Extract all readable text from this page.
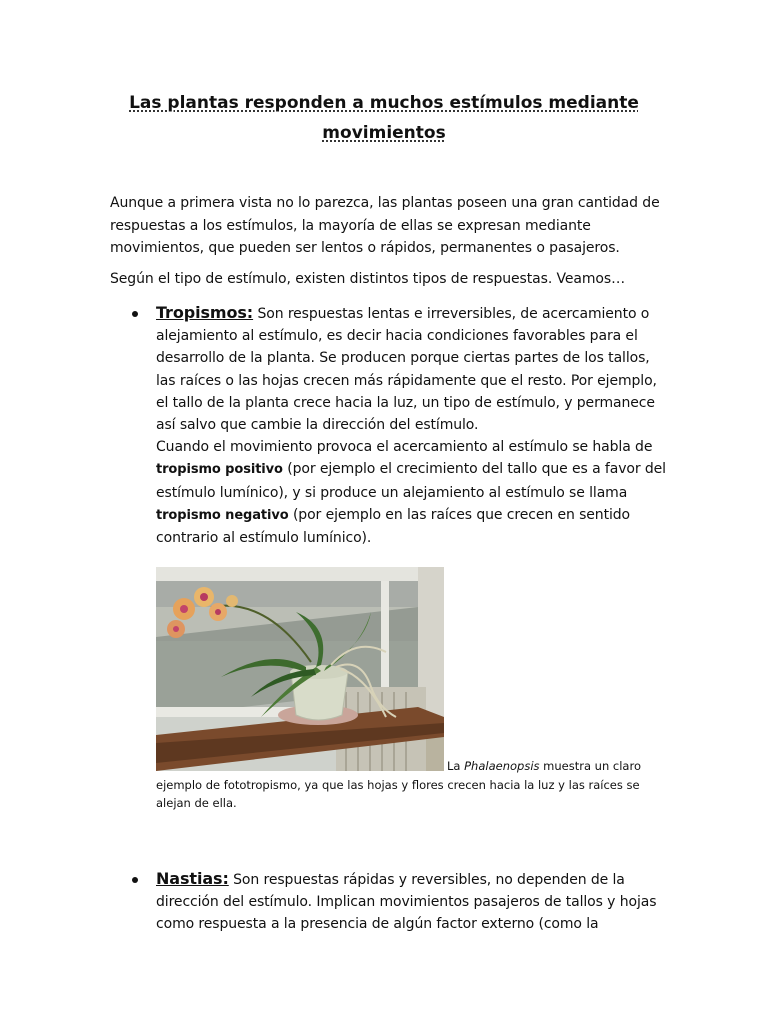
Las plantas responden a muchos estímulos mediante movimientos

Aunque a primera vista no lo parezca, las plantas poseen una gran cantidad de respuestas a los estímulos, la mayoría de ellas se expresan mediante movimientos, que pueden ser lentos o rápidos, permanentes o pasajeros.

Según el tipo de estímulo, existen distintos tipos de respuestas. Veamos…

Tropismos: Son respuestas lentas e irreversibles, de acercamiento o alejamiento al estímulo, es decir hacia condiciones favorables para el desarrollo de la planta. Se producen porque ciertas partes de los tallos, las raíces o las hojas crecen más rápidamente que el resto. Por ejemplo, el tallo de la planta crece hacia la luz, un tipo de estímulo, y permanece así salvo que cambie la dirección del estímulo.
Cuando el movimiento provoca el acercamiento al estímulo se habla de tropismo positivo (por ejemplo el crecimiento del tallo que es a favor del estímulo lumínico), y si produce un alejamiento al estímulo se llama tropismo negativo (por ejemplo en las raíces que crecen en sentido contrario al estímulo lumínico).

La Phalaenopsis muestra un claro ejemplo de fototropismo, ya que las hojas y flores crecen hacia la luz y las raíces se alejan de ella.

Nastias: Son respuestas rápidas y reversibles, no dependen de la dirección del estímulo. Implican movimientos pasajeros de tallos y hojas como respuesta a la presencia de algún factor externo (como la
